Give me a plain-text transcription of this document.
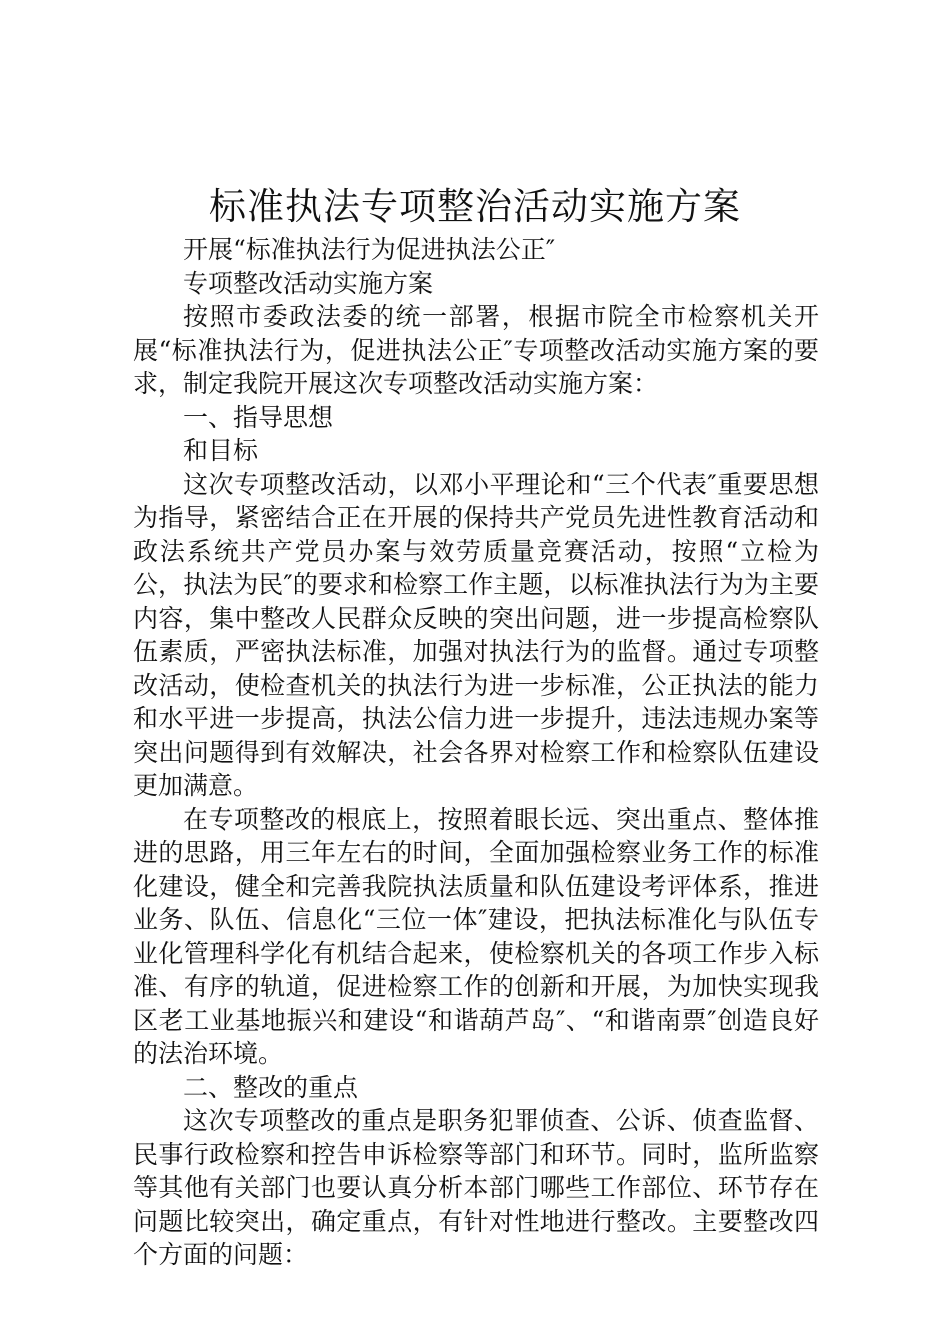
标准执法专项整治活动实施方案

开展“标准执法行为促进执法公正″

专项整改活动实施方案

按照市委政法委的统一部署，根据市院全市检察机关开展“标准执法行为，促进执法公正″专项整改活动实施方案的要求，制定我院开展这次专项整改活动实施方案：

一、指导思想

和目标

这次专项整改活动，以邓小平理论和“三个代表″重要思想为指导，紧密结合正在开展的保持共产党员先进性教育活动和政法系统共产党员办案与效劳质量竞赛活动，按照“立检为公，执法为民″的要求和检察工作主题，以标准执法行为为主要内容，集中整改人民群众反映的突出问题，进一步提高检察队伍素质，严密执法标准，加强对执法行为的监督。通过专项整改活动，使检查机关的执法行为进一步标准，公正执法的能力和水平进一步提高，执法公信力进一步提升，违法违规办案等突出问题得到有效解决，社会各界对检察工作和检察队伍建设更加满意。

在专项整改的根底上，按照着眼长远、突出重点、整体推进的思路，用三年左右的时间，全面加强检察业务工作的标准化建设，健全和完善我院执法质量和队伍建设考评体系，推进业务、队伍、信息化“三位一体″建设，把执法标准化与队伍专业化管理科学化有机结合起来，使检察机关的各项工作步入标准、有序的轨道，促进检察工作的创新和开展，为加快实现我区老工业基地振兴和建设“和谐葫芦岛″、“和谐南票″创造良好的法治环境。

二、整改的重点

这次专项整改的重点是职务犯罪侦查、公诉、侦查监督、民事行政检察和控告申诉检察等部门和环节。同时，监所监察等其他有关部门也要认真分析本部门哪些工作部位、环节存在问题比较突出，确定重点，有针对性地进行整改。主要整改四个方面的问题：
